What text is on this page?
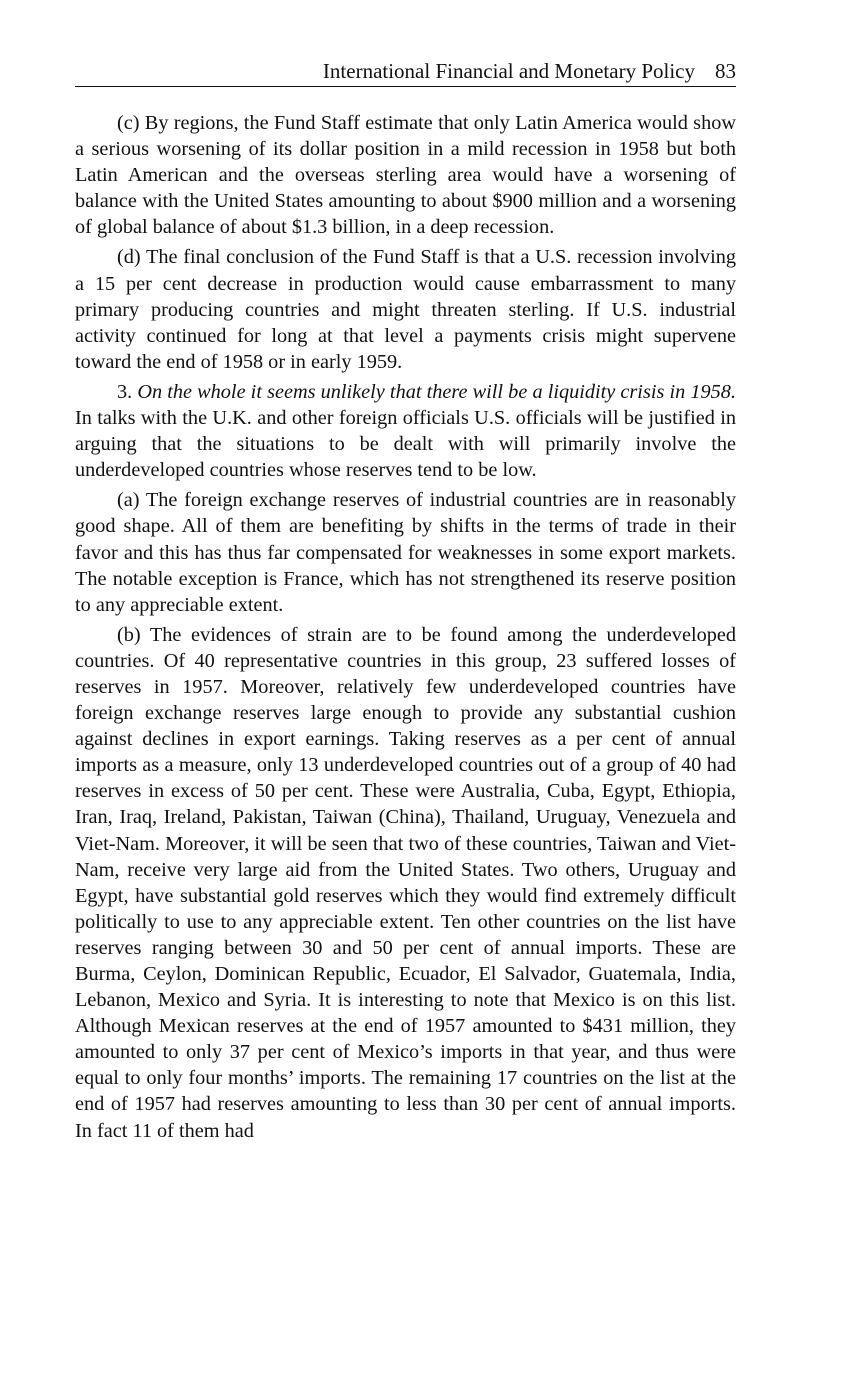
International Financial and Monetary Policy 83

(c) By regions, the Fund Staff estimate that only Latin America would show a serious worsening of its dollar position in a mild recession in 1958 but both Latin American and the overseas sterling area would have a worsening of balance with the United States amounting to about $900 million and a worsening of global balance of about $1.3 billion, in a deep recession.

(d) The final conclusion of the Fund Staff is that a U.S. recession involving a 15 per cent decrease in production would cause embarrassment to many primary producing countries and might threaten sterling. If U.S. industrial activity continued for long at that level a payments crisis might supervene toward the end of 1958 or in early 1959.

3. On the whole it seems unlikely that there will be a liquidity crisis in 1958. In talks with the U.K. and other foreign officials U.S. officials will be justified in arguing that the situations to be dealt with will primarily involve the underdeveloped countries whose reserves tend to be low.

(a) The foreign exchange reserves of industrial countries are in reasonably good shape. All of them are benefiting by shifts in the terms of trade in their favor and this has thus far compensated for weaknesses in some export markets. The notable exception is France, which has not strengthened its reserve position to any appreciable extent.

(b) The evidences of strain are to be found among the underdeveloped countries. Of 40 representative countries in this group, 23 suffered losses of reserves in 1957. Moreover, relatively few underdeveloped countries have foreign exchange reserves large enough to provide any substantial cushion against declines in export earnings. Taking reserves as a per cent of annual imports as a measure, only 13 underdeveloped countries out of a group of 40 had reserves in excess of 50 per cent. These were Australia, Cuba, Egypt, Ethiopia, Iran, Iraq, Ireland, Pakistan, Taiwan (China), Thailand, Uruguay, Venezuela and Viet-Nam. Moreover, it will be seen that two of these countries, Taiwan and Viet-Nam, receive very large aid from the United States. Two others, Uruguay and Egypt, have substantial gold reserves which they would find extremely difficult politically to use to any appreciable extent. Ten other countries on the list have reserves ranging between 30 and 50 per cent of annual imports. These are Burma, Ceylon, Dominican Republic, Ecuador, El Salvador, Guatemala, India, Lebanon, Mexico and Syria. It is interesting to note that Mexico is on this list. Although Mexican reserves at the end of 1957 amounted to $431 million, they amounted to only 37 per cent of Mexico’s imports in that year, and thus were equal to only four months’ imports. The remaining 17 countries on the list at the end of 1957 had reserves amounting to less than 30 per cent of annual imports. In fact 11 of them had
